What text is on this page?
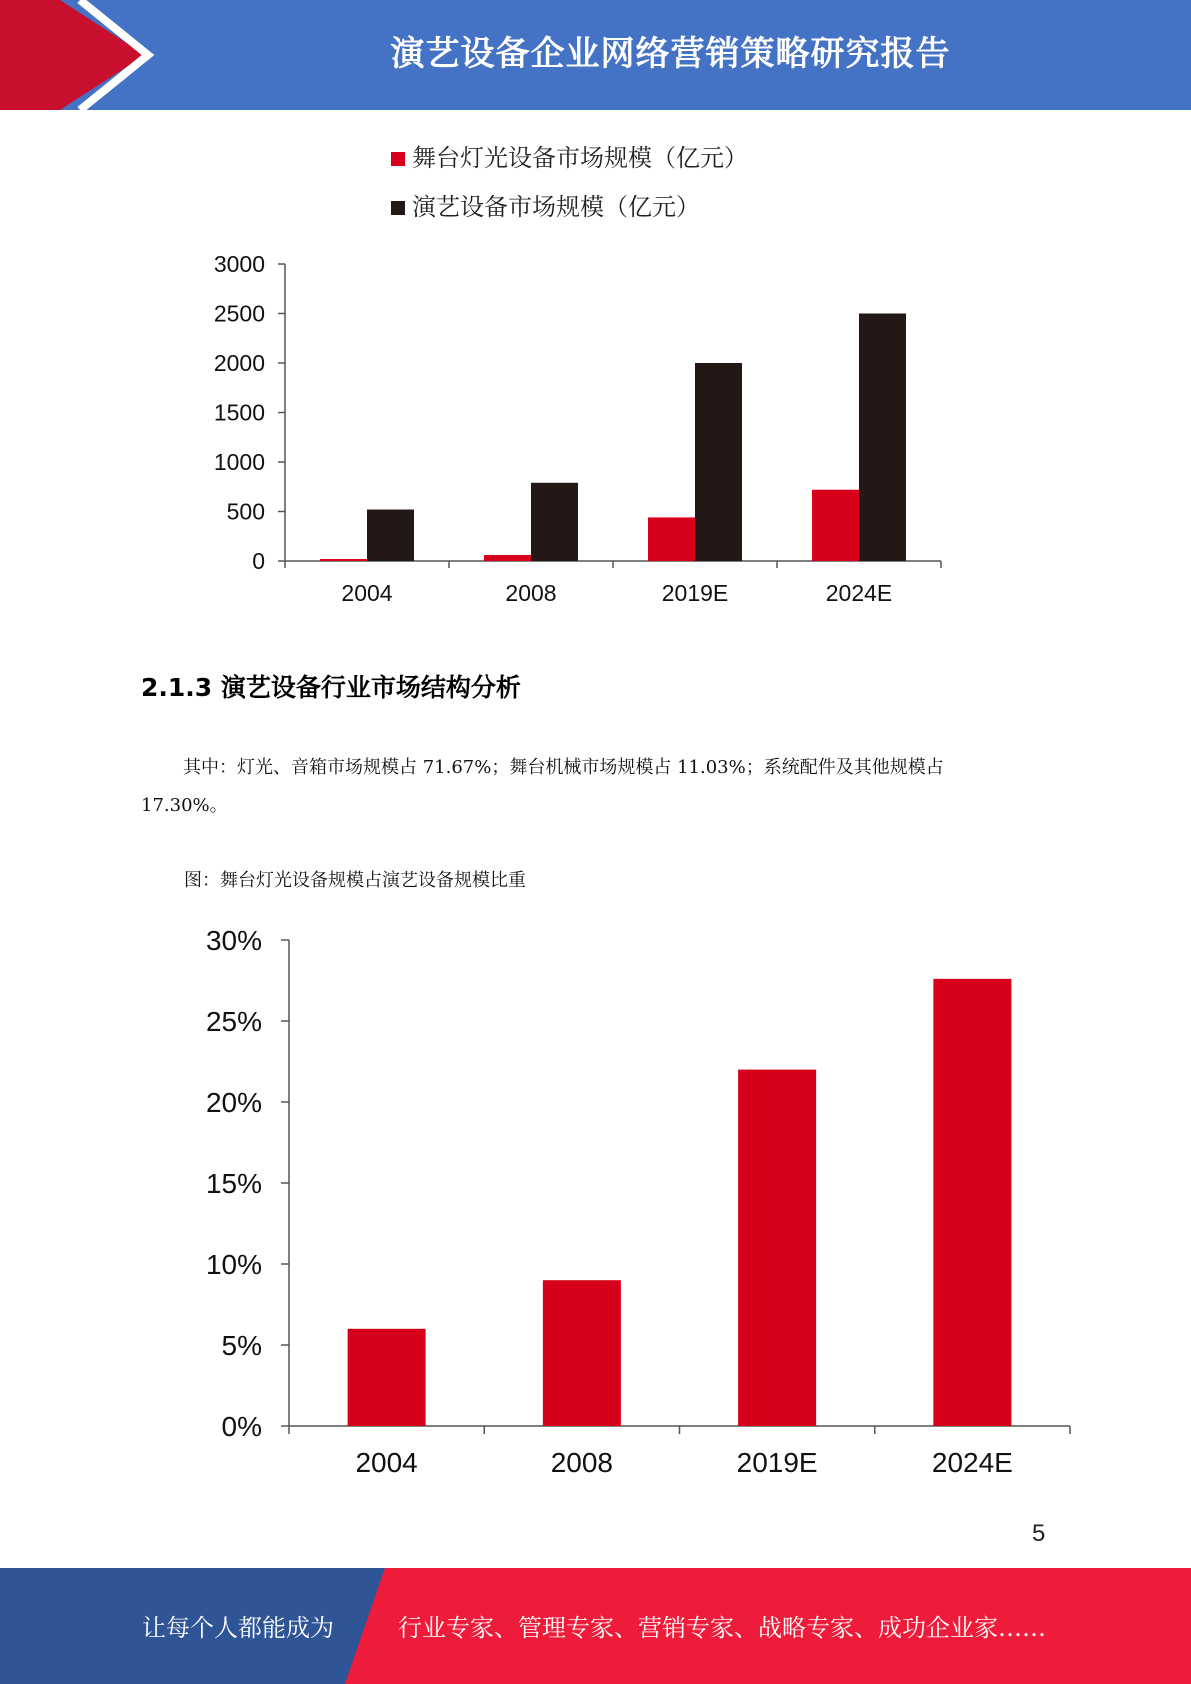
演艺设备企业网络营销策略研究报告
舞台灯光设备市场规模（亿元）
演艺设备市场规模（亿元）
0
500
1000
1500
2000
2500
3000
2004	2008	2019E	2024E
2.1.3 演艺设备行业市场结构分析
其中：灯光、音箱市场规模占 71.67%；舞台机械市场规模占 11.03%；系统配件及其他规模占
17.30%。
图：舞台灯光设备规模占演艺设备规模比重
0%
5%
10%
15%
20%
25%
30%
2004	2008	2019E	2024E
5
让每个人都能成为	行业专家、管理专家、营销专家、战略专家、成功企业家……
